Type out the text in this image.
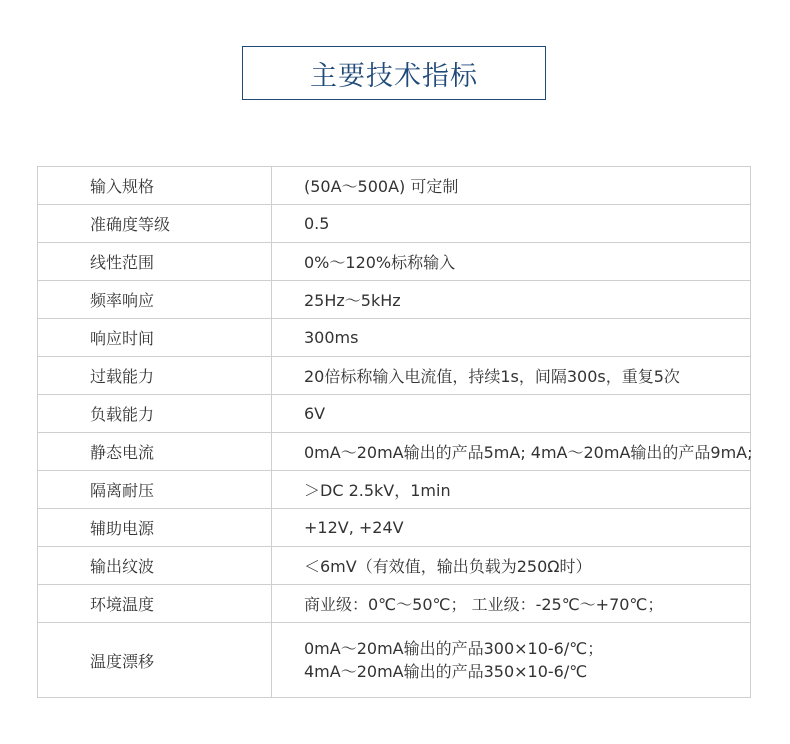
主要技术指标
输入规格	(50A～500A) 可定制
准确度等级	0.5
线性范围	0%～120%标称输入
频率响应	25Hz～5kHz
响应时间	300ms
过载能力	20倍标称输入电流值，持续1s，间隔300s，重复5次
负载能力	6V
静态电流	0mA～20mA输出的产品5mA; 4mA～20mA输出的产品9mA;
隔离耐压	＞DC 2.5kV，1min
辅助电源	+12V, +24V
输出纹波	＜6mV（有效值，输出负载为250Ω时）
环境温度	商业级：0℃～50℃； 工业级：-25℃～+70℃；
温度漂移	0mA～20mA输出的产品300×10-6/℃；
4mA～20mA输出的产品350×10-6/℃
